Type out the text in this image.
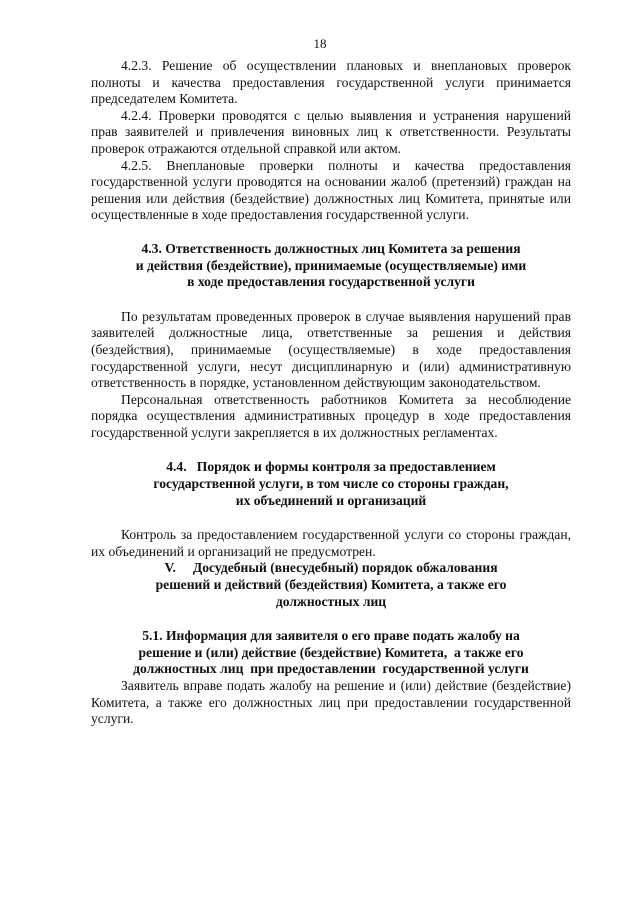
18

4.2.3. Решение об осуществлении плановых и внеплановых проверок полноты и качества предоставления государственной услуги принимается председателем Комитета.

4.2.4. Проверки проводятся с целью выявления и устранения нарушений прав заявителей и привлечения виновных лиц к ответственности. Результаты проверок отражаются отдельной справкой или актом.

4.2.5. Внеплановые проверки полноты и качества предоставления государственной услуги проводятся на основании жалоб (претензий) граждан на решения или действия (бездействие) должностных лиц Комитета, принятые или осуществленные в ходе предоставления государственной услуги.

4.3. Ответственность должностных лиц Комитета за решения
и действия (бездействие), принимаемые (осуществляемые) ими
в ходе предоставления государственной услуги

По результатам проведенных проверок в случае выявления нарушений прав заявителей должностные лица, ответственные за решения и действия (бездействия), принимаемые (осуществляемые) в ходе предоставления государственной услуги, несут дисциплинарную и (или) административную ответственность в порядке, установленном действующим законодательством.

Персональная ответственность работников Комитета за несоблюдение порядка осуществления административных процедур в ходе предоставления государственной услуги закрепляется в их должностных регламентах.

4.4.   Порядок и формы контроля за предоставлением
государственной услуги, в том числе со стороны граждан,
их объединений и организаций

Контроль за предоставлением государственной услуги со стороны граждан, их объединений и организаций не предусмотрен.

V.     Досудебный (внесудебный) порядок обжалования
решений и действий (бездействия) Комитета, а также его
должностных лиц
5.1. Информация для заявителя о его праве подать жалобу на
решение и (или) действие (бездействие) Комитета,  а также его
должностных лиц  при предоставлении  государственной услуги

Заявитель вправе подать жалобу на решение и (или) действие (бездействие) Комитета, а также его должностных лиц при предоставлении государственной услуги.
